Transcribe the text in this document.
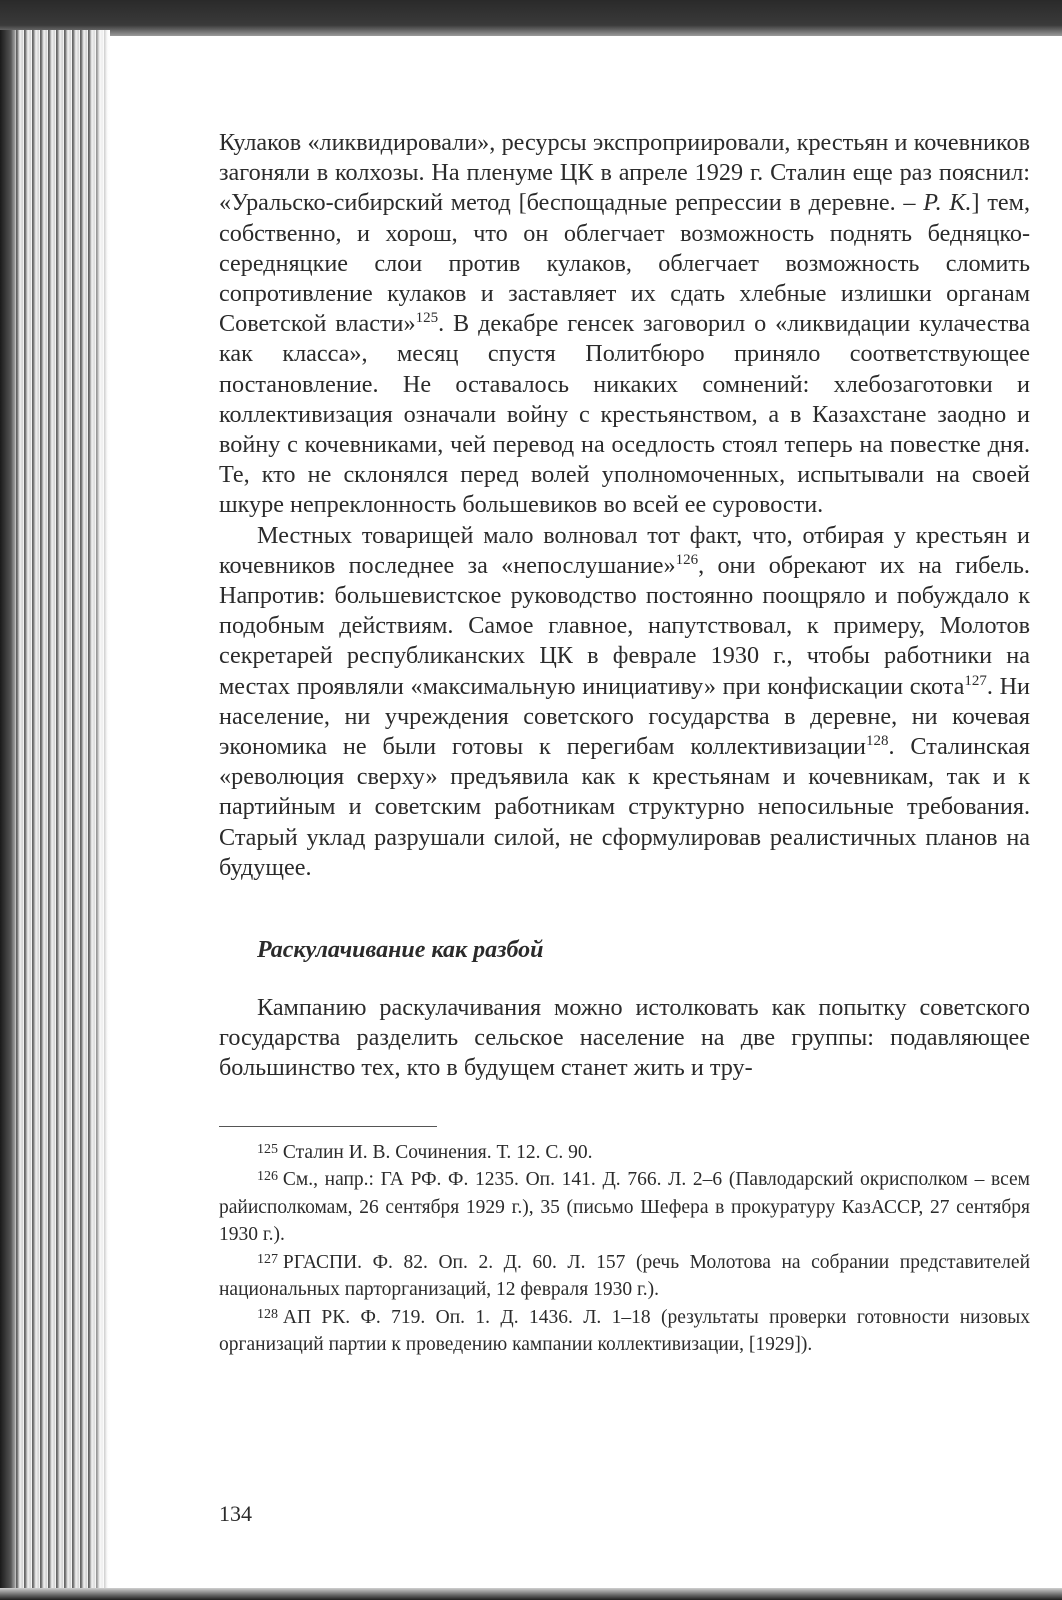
Кулаков «ликвидировали», ресурсы экспроприировали, крестьян и кочевников загоняли в колхозы. На пленуме ЦК в апреле 1929 г. Сталин еще раз пояснил: «Уральско-сибирский метод [беспощадные репрессии в деревне. – Р. К.] тем, собственно, и хорош, что он облегчает возможность поднять бедняцко-середняцкие слои против кулаков, облегчает возможность сломить сопротивление кулаков и заставляет их сдать хлебные излишки органам Советской власти»$^{125}$. В декабре генсек заговорил о «ликвидации кулачества как класса», месяц спустя Политбюро приняло соответствующее постановление. Не оставалось никаких сомнений: хлебозаготовки и коллективизация означали войну с крестьянством, а в Казахстане заодно и войну с кочевниками, чей перевод на оседлость стоял теперь на повестке дня. Те, кто не склонялся перед волей уполномоченных, испытывали на своей шкуре непреклонность большевиков во всей ее суровости.

Местных товарищей мало волновал тот факт, что, отбирая у крестьян и кочевников последнее за «непослушание»$^{126}$, они обрекают их на гибель. Напротив: большевистское руководство постоянно поощряло и побуждало к подобным действиям. Самое главное, напутствовал, к примеру, Молотов секретарей республиканских ЦК в феврале 1930 г., чтобы работники на местах проявляли «максимальную инициативу» при конфискации скота$^{127}$. Ни население, ни учреждения советского государства в деревне, ни кочевая экономика не были готовы к перегибам коллективизации$^{128}$. Сталинская «революция сверху» предъявила как к крестьянам и кочевникам, так и к партийным и советским работникам структурно непосильные требования. Старый уклад разрушали силой, не сформулировав реалистичных планов на будущее.

Раскулачивание как разбой

Кампанию раскулачивания можно истолковать как попытку советского государства разделить сельское население на две группы: подавляющее большинство тех, кто в будущем станет жить и тру-

$^{125}$  Сталин И. В. Сочинения. Т. 12. С. 90.

$^{126}$  См., напр.: ГА РФ. Ф. 1235. Оп. 141. Д. 766. Л. 2–6 (Павлодарский окрисполком – всем райисполкомам, 26 сентября 1929 г.), 35 (письмо Шефера в прокуратуру КазАССР, 27 сентября 1930 г.).

$^{127}$  РГАСПИ. Ф. 82. Оп. 2. Д. 60. Л. 157 (речь Молотова на собрании представителей национальных парторганизаций, 12 февраля 1930 г.).

$^{128}$  АП РК. Ф. 719. Оп. 1. Д. 1436. Л. 1–18 (результаты проверки готовности низовых организаций партии к проведению кампании коллективизации, [1929]).

134
